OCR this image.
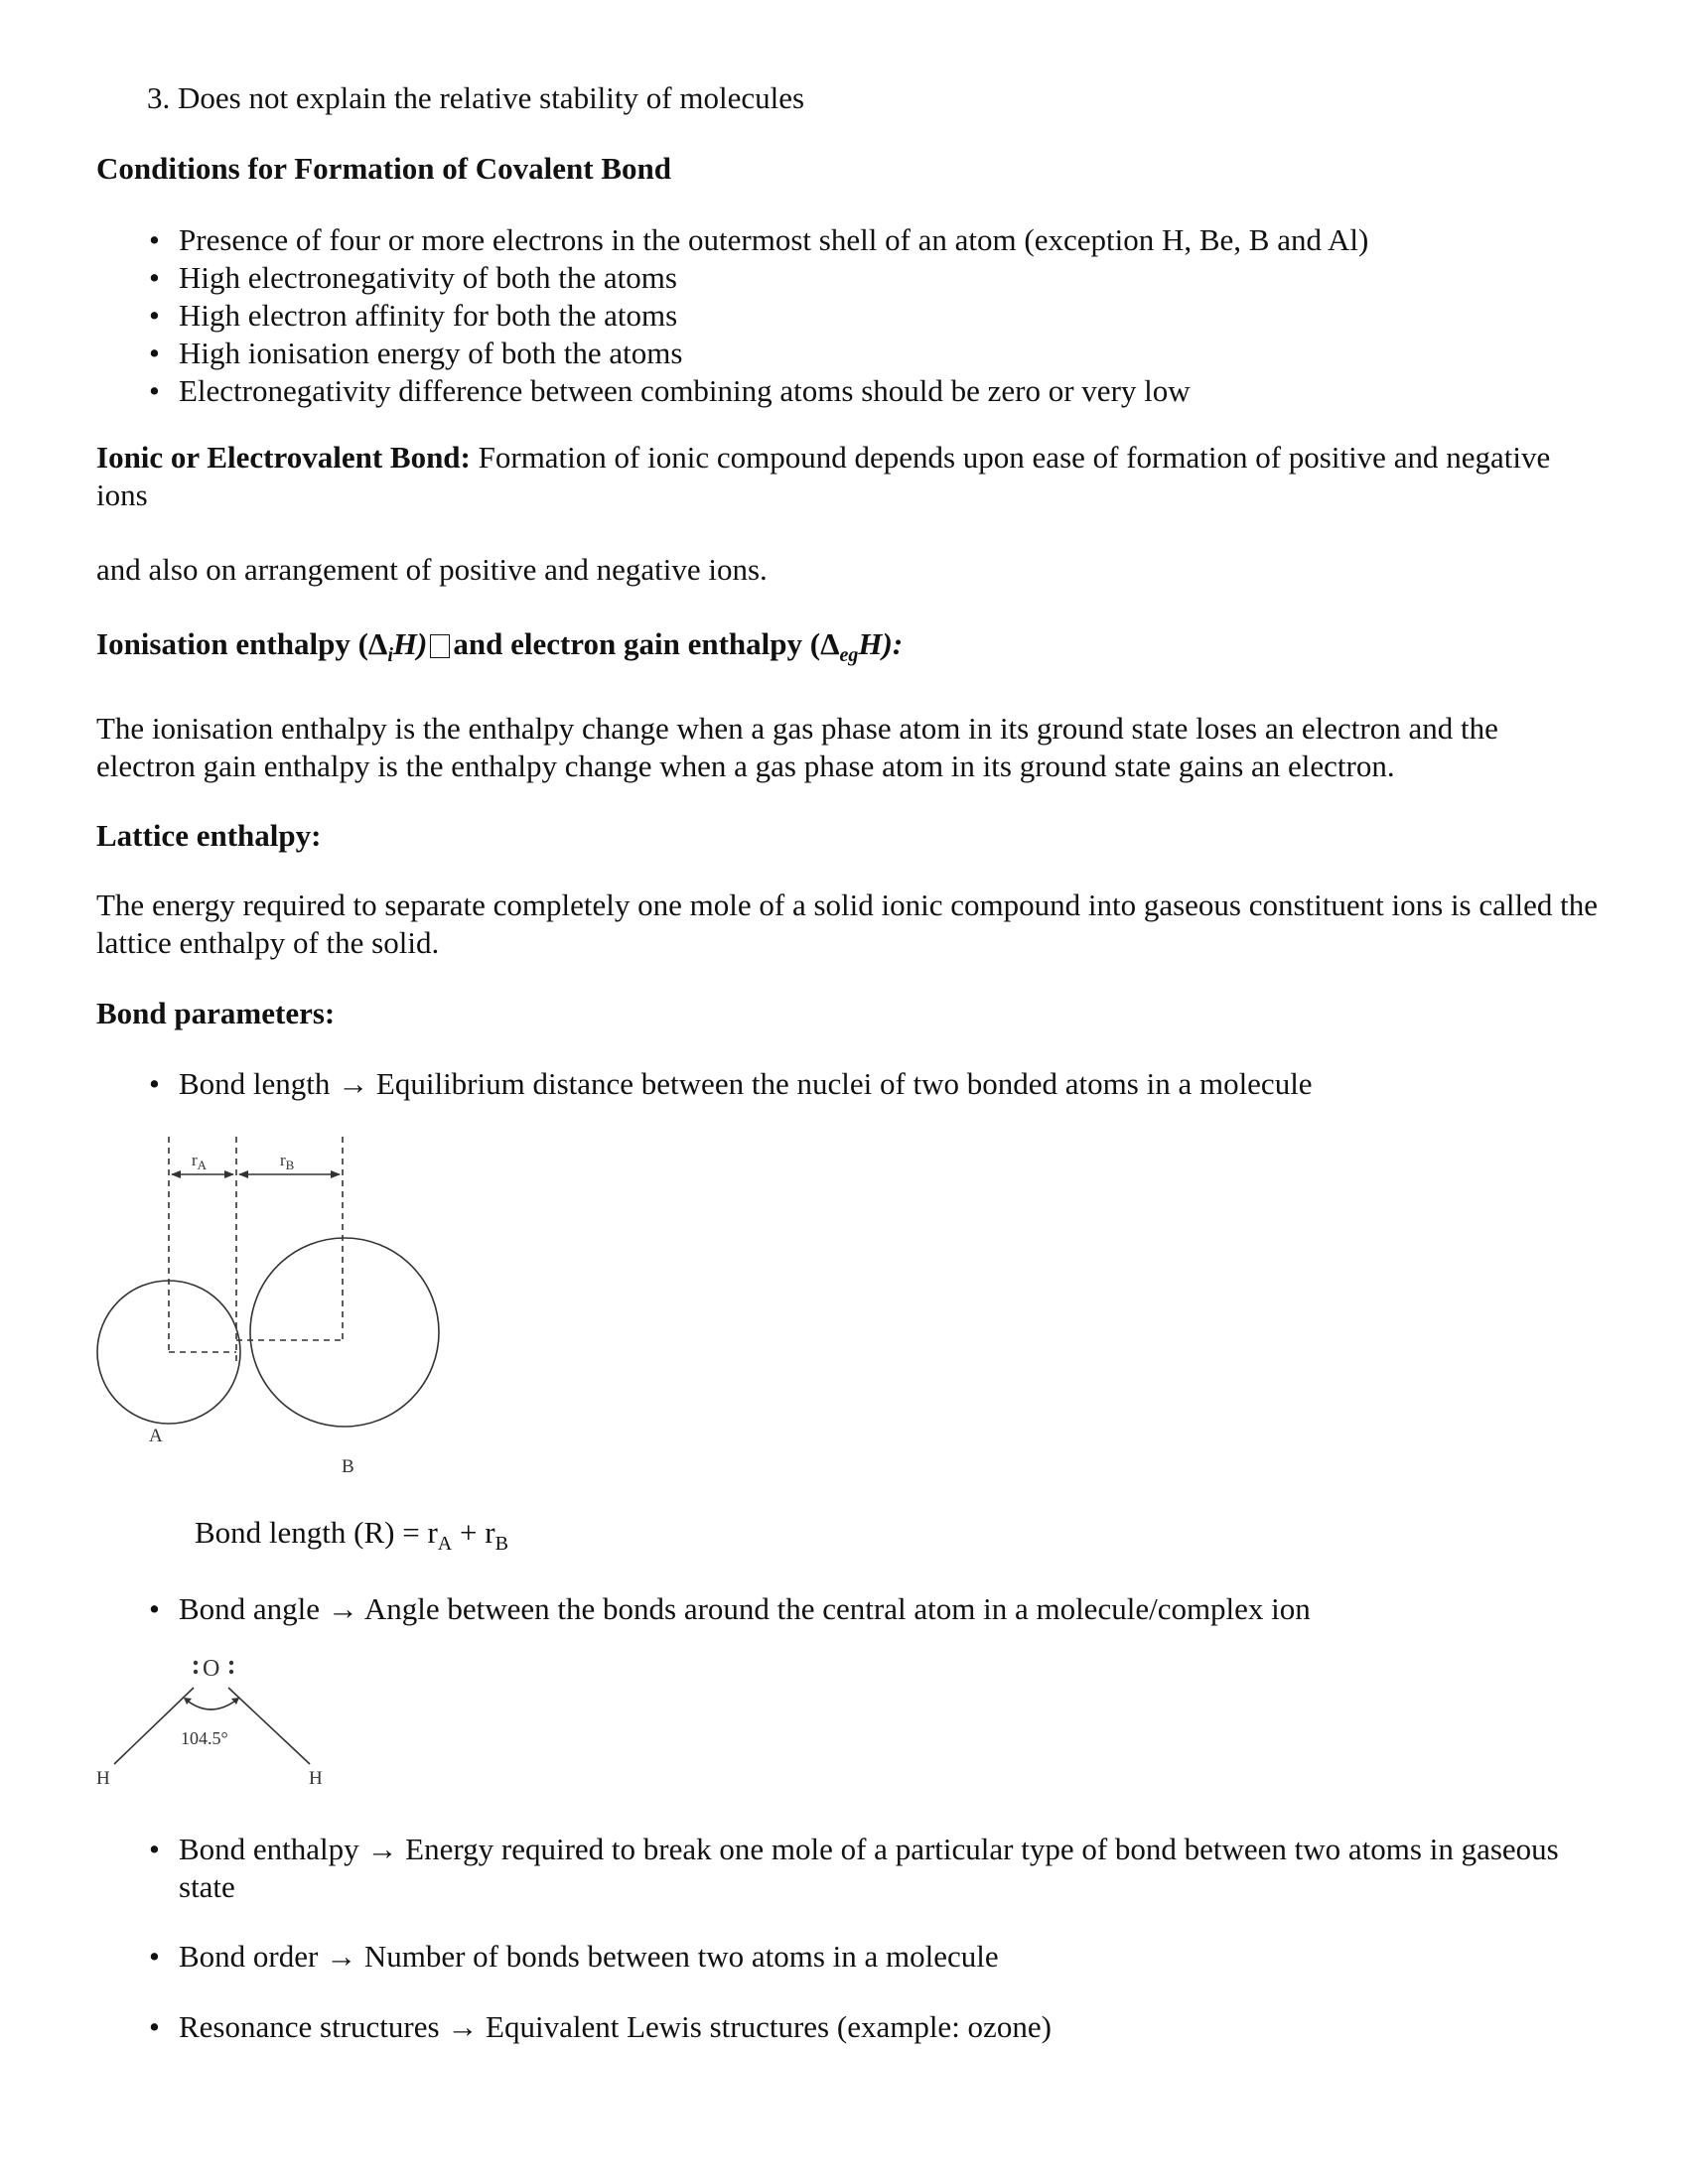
3. Does not explain the relative stability of molecules
Conditions for Formation of Covalent Bond
• Presence of four or more electrons in the outermost shell of an atom (exception H, Be, B and Al)
• High electronegativity of both the atoms
• High electron affinity for both the atoms
• High ionisation energy of both the atoms
• Electronegativity difference between combining atoms should be zero or very low
Ionic or Electrovalent Bond: Formation of ionic compound depends upon ease of formation of positive and negative ions
and also on arrangement of positive and negative ions.
Ionisation enthalpy $(\Delta_iH)$ and electron gain enthalpy $(\Delta_{eg}H)$:
The ionisation enthalpy is the enthalpy change when a gas phase atom in its ground state loses an electron and the electron gain enthalpy is the enthalpy change when a gas phase atom in its ground state gains an electron.
Lattice enthalpy:
The energy required to separate completely one mole of a solid ionic compound into gaseous constituent ions is called the lattice enthalpy of the solid.
Bond parameters:
• Bond length → Equilibrium distance between the nuclei of two bonded atoms in a molecule
$r_A$	$r_B$
A
B
Bond length $(R) = r_A + r_B$
• Bond angle → Angle between the bonds around the central atom in a molecule/complex ion
O
104.5°
H	H
• Bond enthalpy → Energy required to break one mole of a particular type of bond between two atoms in gaseous state
• Bond order → Number of bonds between two atoms in a molecule
• Resonance structures → Equivalent Lewis structures (example: ozone)
